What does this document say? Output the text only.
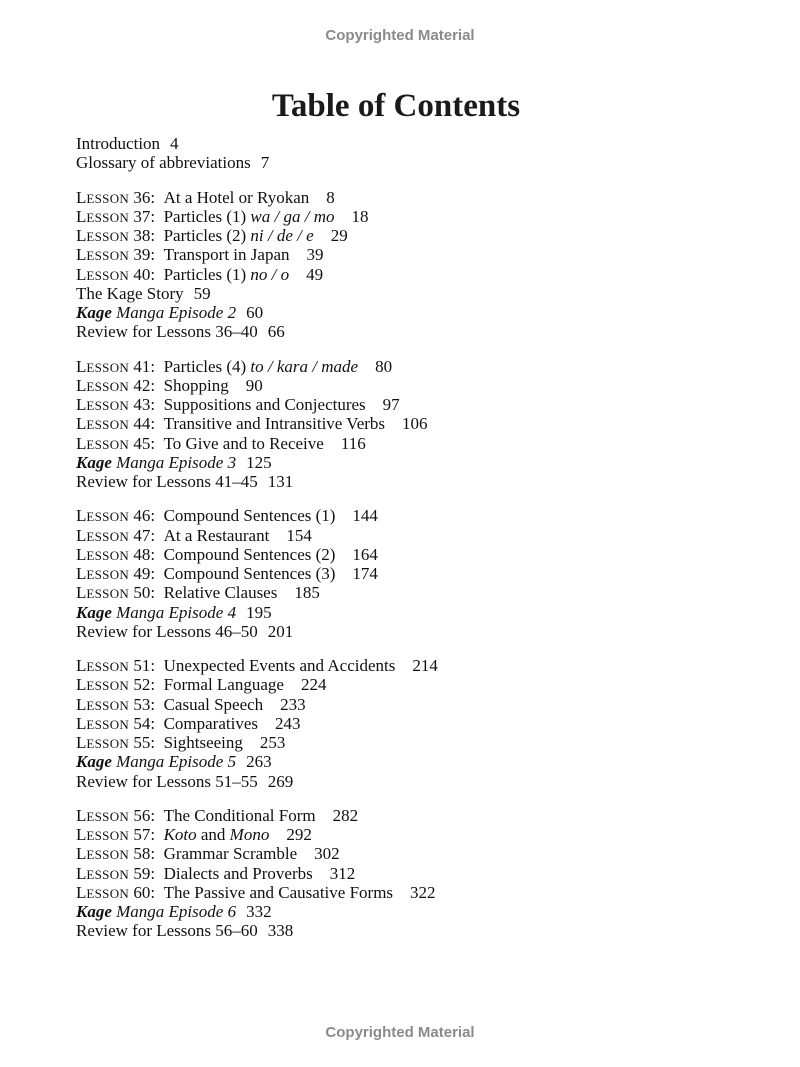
Copyrighted Material
Table of Contents
Introduction 4
Glossary of abbreviations 7
LESSON 36:  At a Hotel or Ryokan 8
LESSON 37:  Particles (1) wa / ga / mo 18
LESSON 38:  Particles (2) ni / de / e 29
LESSON 39:  Transport in Japan 39
LESSON 40:  Particles (1) no / o 49
The Kage Story 59
Kage Manga Episode 2 60
Review for Lessons 36–40 66
LESSON 41:  Particles (4) to / kara / made 80
LESSON 42:  Shopping 90
LESSON 43:  Suppositions and Conjectures 97
LESSON 44:  Transitive and Intransitive Verbs 106
LESSON 45:  To Give and to Receive 116
Kage Manga Episode 3 125
Review for Lessons 41–45 131
LESSON 46:  Compound Sentences (1) 144
LESSON 47:  At a Restaurant 154
LESSON 48:  Compound Sentences (2) 164
LESSON 49:  Compound Sentences (3) 174
LESSON 50:  Relative Clauses 185
Kage Manga Episode 4 195
Review for Lessons 46–50 201
LESSON 51:  Unexpected Events and Accidents 214
LESSON 52:  Formal Language 224
LESSON 53:  Casual Speech 233
LESSON 54:  Comparatives 243
LESSON 55:  Sightseeing 253
Kage Manga Episode 5 263
Review for Lessons 51–55 269
LESSON 56:  The Conditional Form 282
LESSON 57:  Koto and Mono 292
LESSON 58:  Grammar Scramble 302
LESSON 59:  Dialects and Proverbs 312
LESSON 60:  The Passive and Causative Forms 322
Kage Manga Episode 6 332
Review for Lessons 56–60 338
Copyrighted Material
